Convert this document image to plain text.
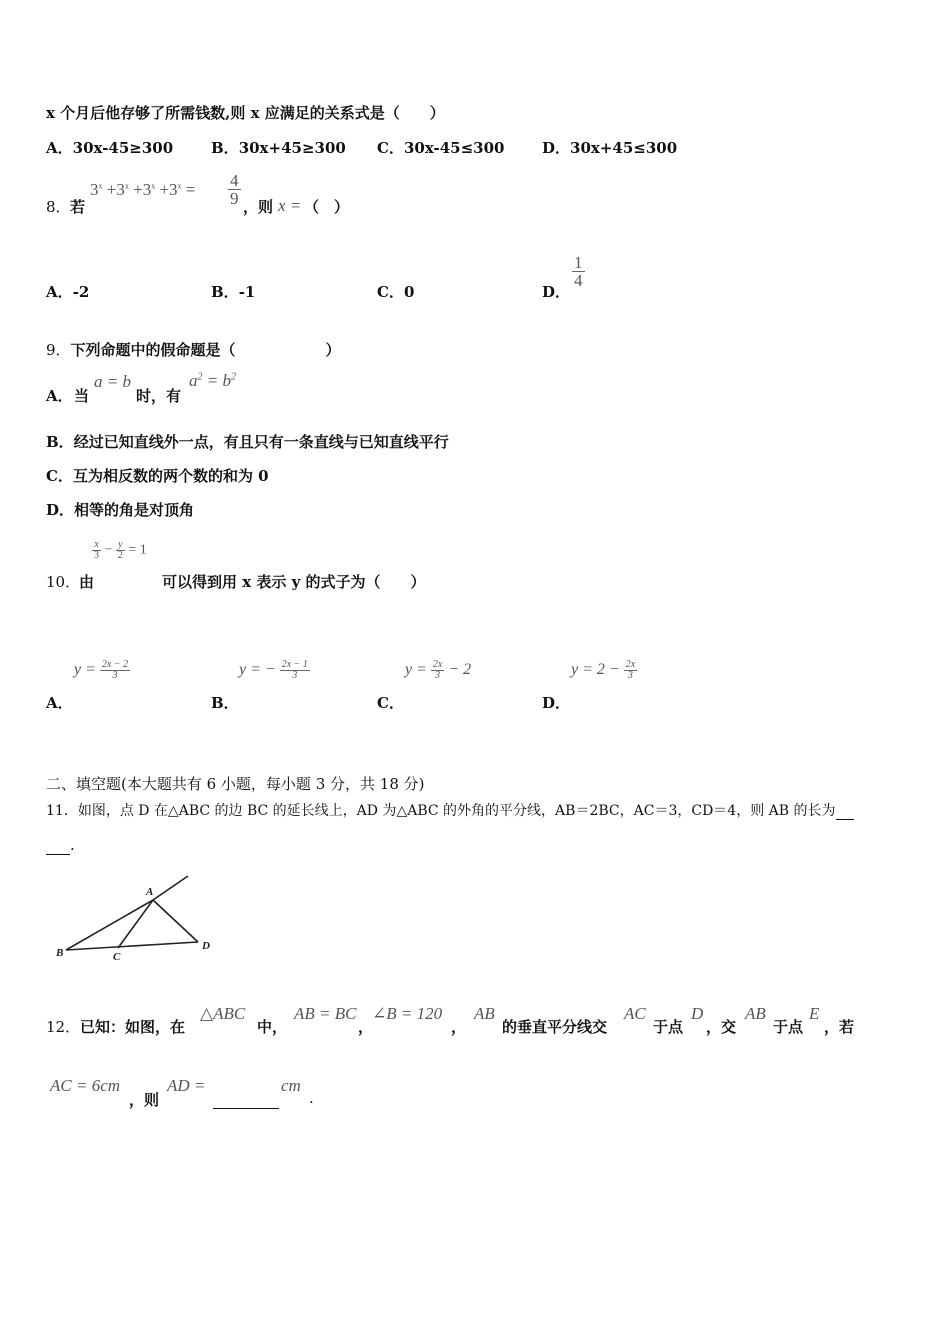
x 个月后他存够了所需钱数,则 x 应满足的关系式是（　　）
A．30x-45≥300	B．30x+45≥300 C．30x-45≤300	D．30x+45≤300
8． 若
$3^x +3^x +3^x +3^x = \frac{4}{9}$ ，则 x = （　）
A．-2	B．-1	C．0	D．
$\frac{1}{4}$
9．下列命题中的假命题是（　　　　　　）
A． 当
a = b
时，有
$a^2 = b^2$
B．经过已知直线外一点，有且只有一条直线与已知直线平行
C．互为相反数的两个数的和为 0
D．相等的角是对顶角
$\frac{x}{3} - \frac{y}{2} = 1$
10．
由	可以得到用 x 表示 y 的式子为（　　）
$y = \frac{2x - 2}{3}$
A．
y = − $\frac{2x - 1}{3}$
B．
$y = \frac{2x}{3} - 2$
C．
$y = 2 - \frac{2x}{3}$
D．
二、填空题(本大题共有 6 小题，每小题 3 分，共 18 分)
11．如图，点 D 在△ABC 的边 BC 的延长线上，AD 为△ABC 的外角的平分线，AB＝2BC，AC＝3，CD＝4，则 AB 的长为
.
A
B	C
D
12． 已知：如图，在
△ABC
中，
AB = BC
，
∠B = 120
，
AB
的垂直平分线交
AC
于点
D
，交
AB
于点
E
，若
AC = 6cm
，则
AD =	cm
.
